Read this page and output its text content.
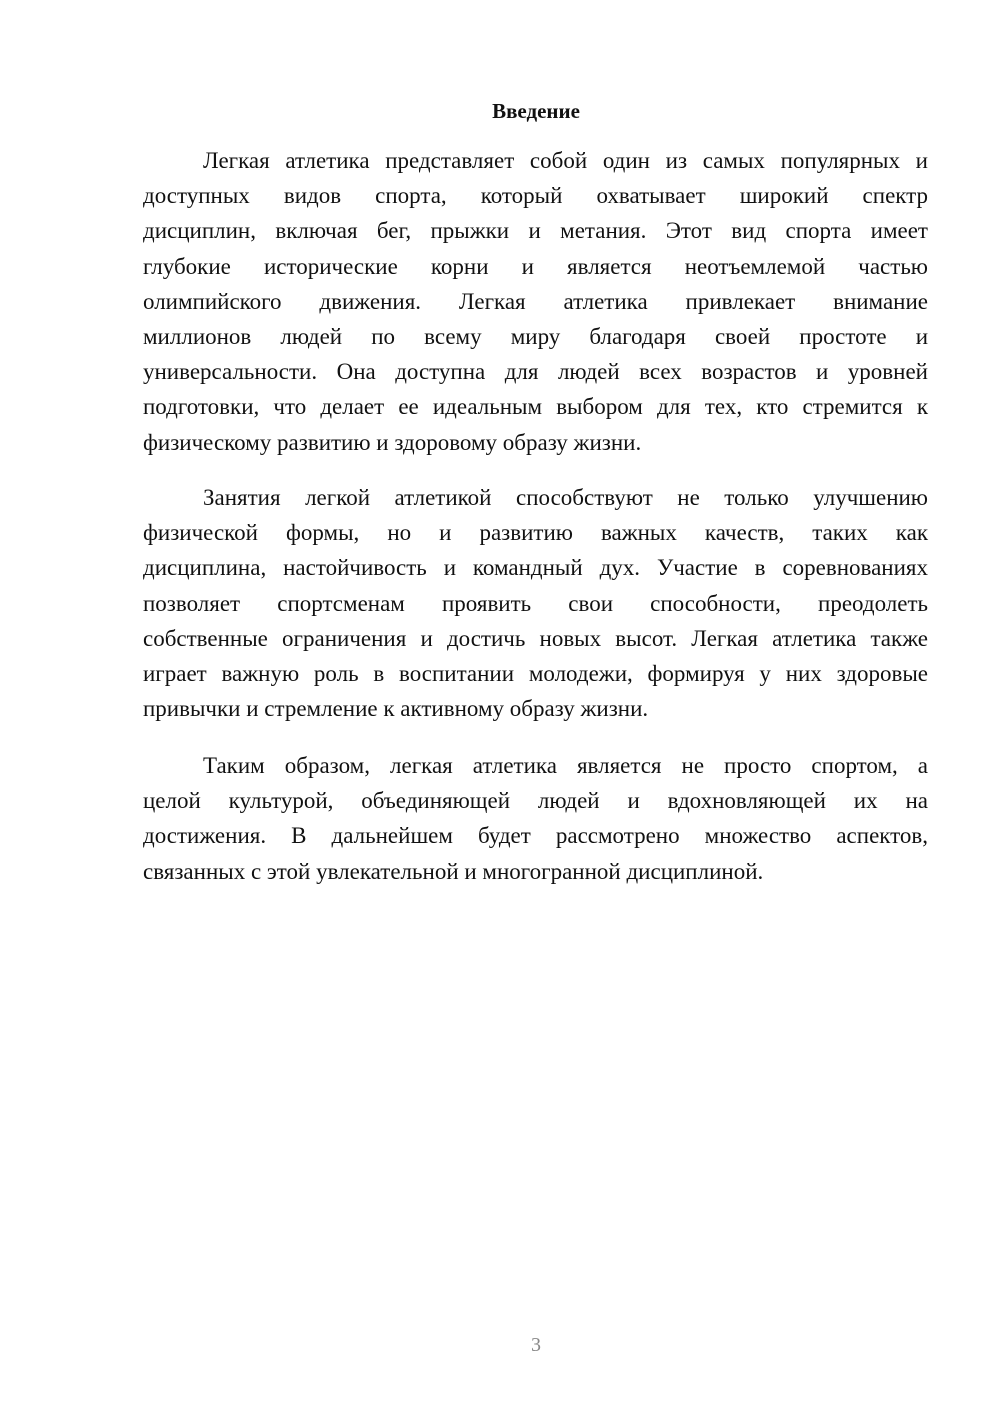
Введение
Легкая атлетика представляет собой один из самых популярных и
доступных видов спорта, который охватывает широкий спектр
дисциплин, включая бег, прыжки и метания. Этот вид спорта имеет
глубокие исторические корни и является неотъемлемой частью
олимпийского движения. Легкая атлетика привлекает внимание
миллионов людей по всему миру благодаря своей простоте и
универсальности. Она доступна для людей всех возрастов и уровней
подготовки, что делает ее идеальным выбором для тех, кто стремится к
физическому развитию и здоровому образу жизни.
Занятия легкой атлетикой способствуют не только улучшению
физической формы, но и развитию важных качеств, таких как
дисциплина, настойчивость и командный дух. Участие в соревнованиях
позволяет спортсменам проявить свои способности, преодолеть
собственные ограничения и достичь новых высот. Легкая атлетика также
играет важную роль в воспитании молодежи, формируя у них здоровые
привычки и стремление к активному образу жизни.
Таким образом, легкая атлетика является не просто спортом, а
целой культурой, объединяющей людей и вдохновляющей их на
достижения. В дальнейшем будет рассмотрено множество аспектов,
связанных с этой увлекательной и многогранной дисциплиной.
3
